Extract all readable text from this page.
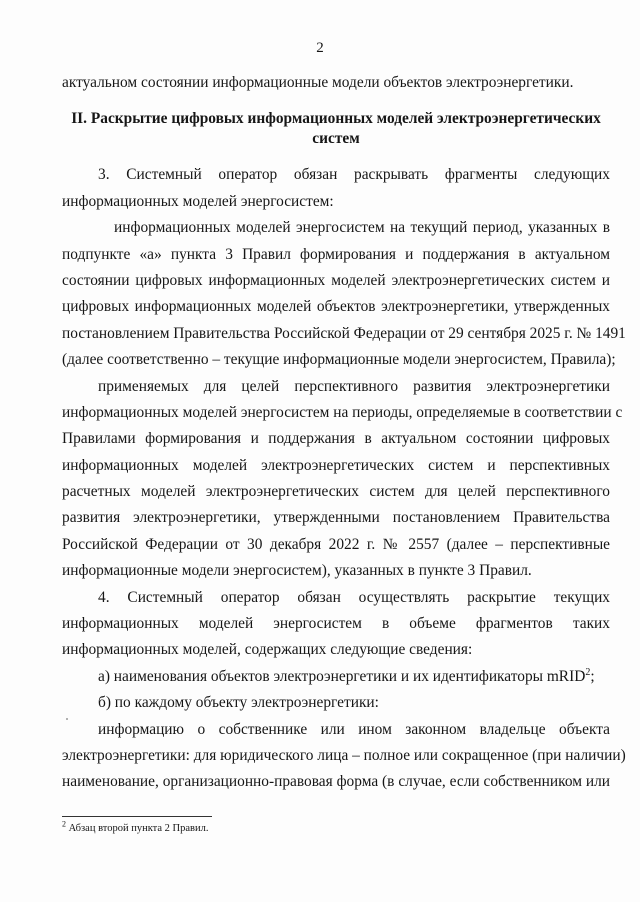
2
актуальном состоянии информационные модели объектов электроэнергетики.
II. Раскрытие цифровых информационных моделей электроэнергетических
систем
3. Системный оператор обязан раскрывать фрагменты следующих
информационных моделей энергосистем:
информационных моделей энергосистем на текущий период, указанных в
подпункте «а» пункта 3 Правил формирования и поддержания в актуальном
состоянии цифровых информационных моделей электроэнергетических систем и
цифровых информационных моделей объектов электроэнергетики, утвержденных
постановлением Правительства Российской Федерации от 29 сентября 2025 г. № 1491
(далее соответственно – текущие информационные модели энергосистем, Правила);
применяемых для целей перспективного развития электроэнергетики
информационных моделей энергосистем на периоды, определяемые в соответствии с
Правилами формирования и поддержания в актуальном состоянии цифровых
информационных моделей электроэнергетических систем и перспективных
расчетных моделей электроэнергетических систем для целей перспективного
развития электроэнергетики, утвержденными постановлением Правительства
Российской Федерации от 30 декабря 2022 г. № 2557 (далее – перспективные
информационные модели энергосистем), указанных в пункте 3 Правил.
4. Системный оператор обязан осуществлять раскрытие текущих
информационных моделей энергосистем в объеме фрагментов таких
информационных моделей, содержащих следующие сведения:
а) наименования объектов электроэнергетики и их идентификаторы mRID$^2$;
б) по каждому объекту электроэнергетики:
информацию о собственнике или ином законном владельце объекта
электроэнергетики: для юридического лица – полное или сокращенное (при наличии)
наименование, организационно-правовая форма (в случае, если собственником или
$^2$ Абзац второй пункта 2 Правил.
